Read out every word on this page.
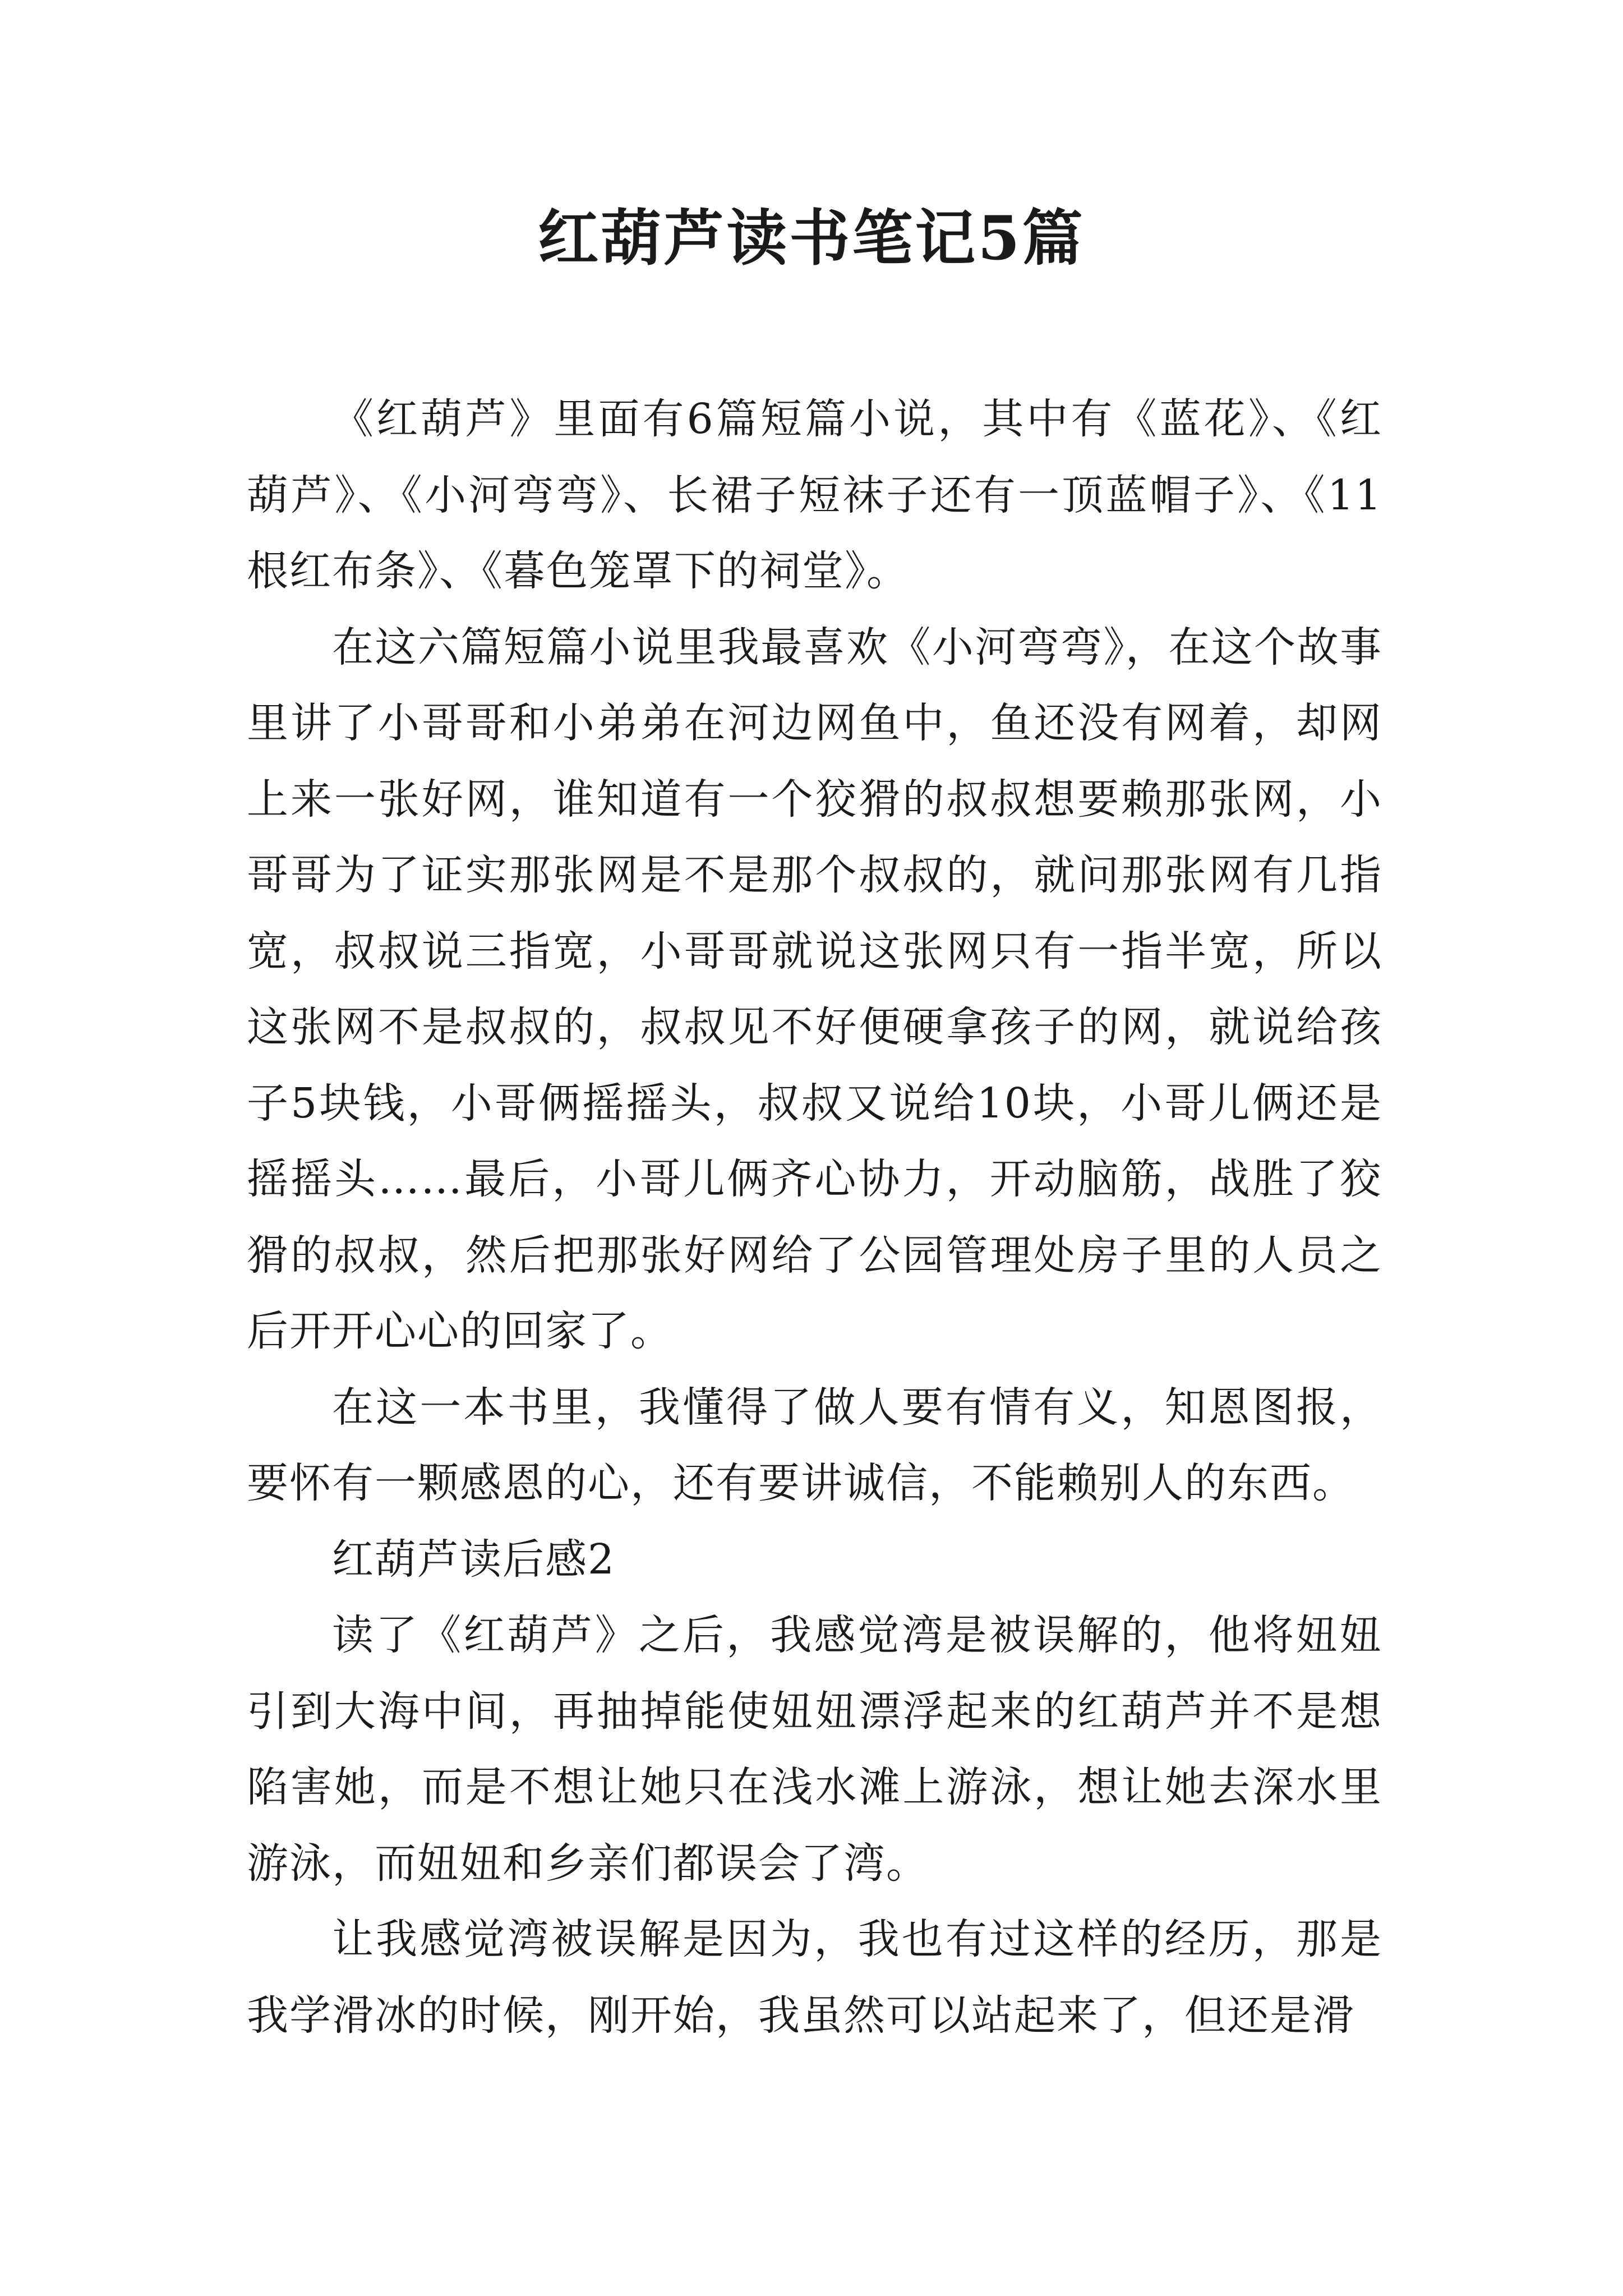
红葫芦读书笔记5篇

《红葫芦》里面有6篇短篇小说，其中有《蓝花》、《红葫芦》、《小河弯弯》、长裙子短袜子还有一顶蓝帽子》、《11根红布条》、《暮色笼罩下的祠堂》。

在这六篇短篇小说里我最喜欢《小河弯弯》，在这个故事里讲了小哥哥和小弟弟在河边网鱼中，鱼还没有网着，却网上来一张好网，谁知道有一个狡猾的叔叔想要赖那张网，小哥哥为了证实那张网是不是那个叔叔的，就问那张网有几指宽，叔叔说三指宽，小哥哥就说这张网只有一指半宽，所以这张网不是叔叔的，叔叔见不好便硬拿孩子的网，就说给孩子5块钱，小哥俩摇摇头，叔叔又说给10块，小哥儿俩还是摇摇头……最后，小哥儿俩齐心协力，开动脑筋，战胜了狡猾的叔叔，然后把那张好网给了公园管理处房子里的人员之后开开心心的回家了。

在这一本书里，我懂得了做人要有情有义，知恩图报，要怀有一颗感恩的心，还有要讲诚信，不能赖别人的东西。

红葫芦读后感2

读了《红葫芦》之后，我感觉湾是被误解的，他将妞妞引到大海中间，再抽掉能使妞妞漂浮起来的红葫芦并不是想陷害她，而是不想让她只在浅水滩上游泳，想让她去深水里游泳，而妞妞和乡亲们都误会了湾。

让我感觉湾被误解是因为，我也有过这样的经历，那是我学滑冰的时候，刚开始，我虽然可以站起来了，但还是滑
